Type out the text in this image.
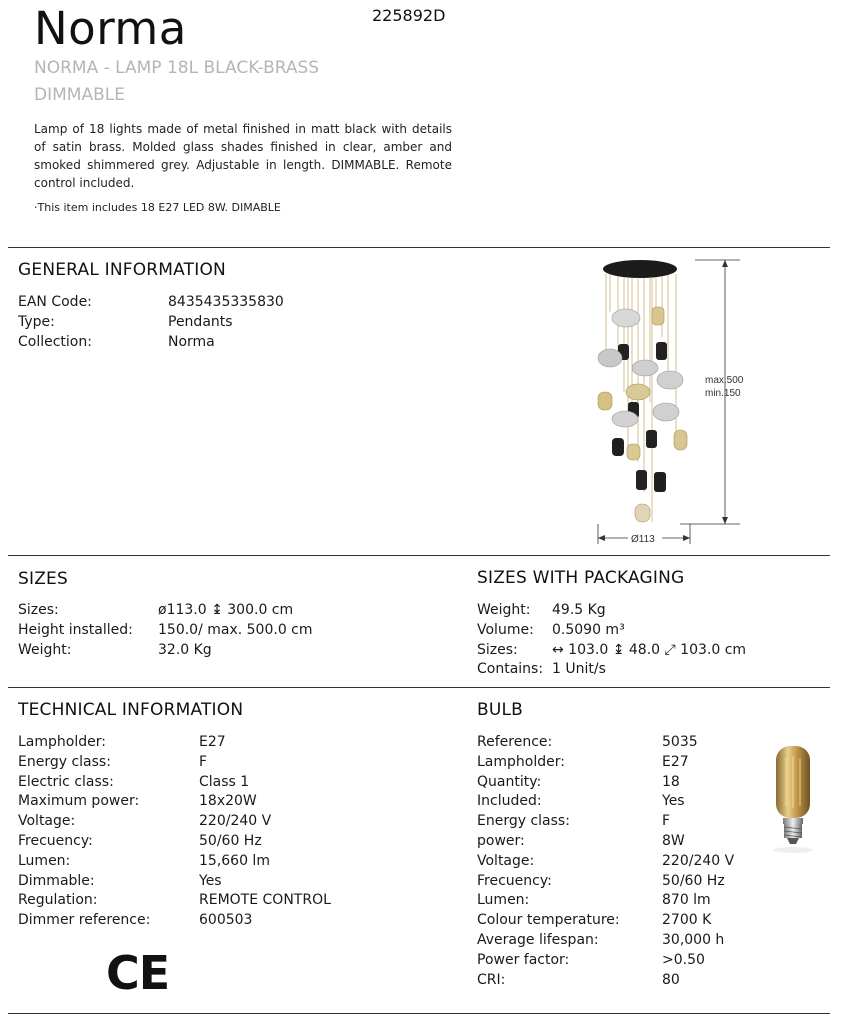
Norma	225892D
NORMA - LAMP 18L BLACK-BRASS
DIMMABLE
Lamp of 18 lights made of metal finished in matt black with details of satin brass. Molded glass shades finished in clear, amber and smoked shimmered grey. Adjustable in length. DIMMABLE. Remote control included.
·This item includes 18 E27 LED 8W. DIMABLE
GENERAL INFORMATION
EAN Code:	8435435335830
Type:	Pendants
Collection:	Norma
max.500
min.150
Ø113
SIZES
Sizes:	ø113.0 ↨ 300.0 cm
Height installed:	150.0/ max. 500.0 cm
Weight:	32.0 Kg
SIZES WITH PACKAGING
Weight:	49.5 Kg
Volume:	0.5090 m³
Sizes:	↔ 103.0 ↨ 48.0 ⤢ 103.0 cm
Contains: 1 Unit/s
TECHNICAL INFORMATION
Lampholder:	E27
Energy class:	F
Electric class:	Class 1
Maximum power:	18x20W
Voltage:	220/240 V
Frecuency:	50/60 Hz
Lumen:	15,660 lm
Dimmable:	Yes
Regulation:	REMOTE CONTROL
Dimmer reference:	600503
CE
BULB
Reference:	5035
Lampholder:	E27
Quantity:	18
Included:	Yes
Energy class:	F
power:	8W
Voltage:	220/240 V
Frecuency:	50/60 Hz
Lumen:	870 lm
Colour temperature:	2700 K
Average lifespan:	30,000 h
Power factor:	>0.50
CRI:	80
